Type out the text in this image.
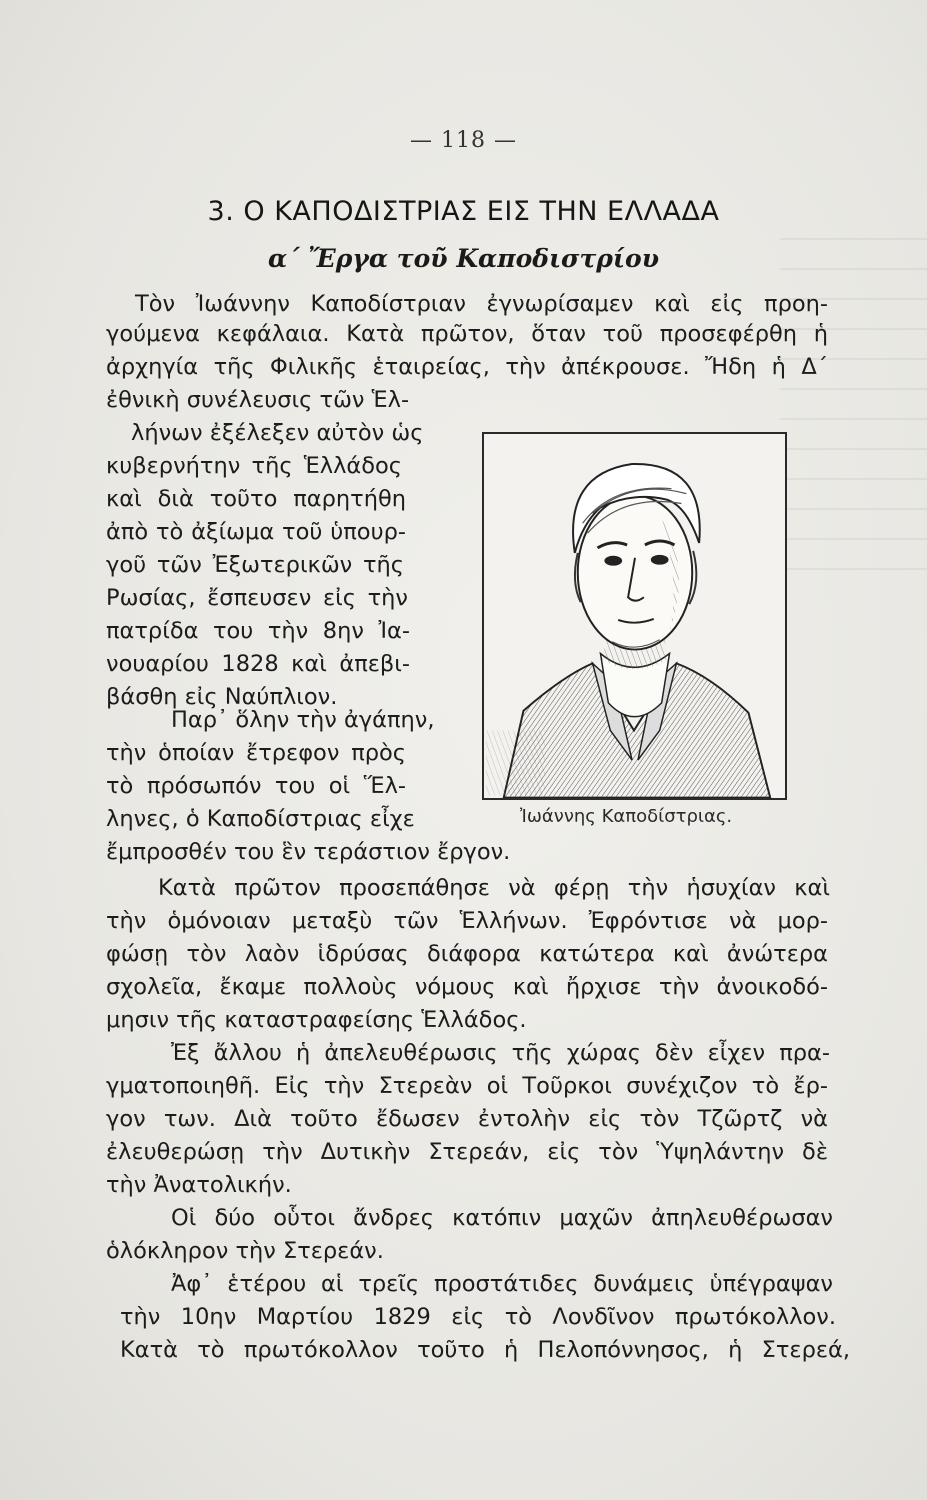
— 118 —
3. Ο ΚΑΠΟΔΙΣΤΡΙΑΣ ΕΙΣ ΤΗΝ ΕΛΛΑΔΑ
α΄ Ἔργα τοῦ Καποδιστρίου
Τὸν Ἰωάννην Καποδίστριαν ἐγνωρίσαμεν καὶ εἰς προη-
γούμενα κεφάλαια. Κατὰ πρῶτον, ὅταν τοῦ προσεφέρθη ἡ
ἀρχηγία τῆς Φιλικῆς ἑταιρείας, τὴν ἀπέκρουσε. Ἤδη ἡ Δ΄
ἐθνικὴ συνέλευσις τῶν Ἑλ-
λήνων ἐξέλεξεν αὐτὸν ὡς
κυβερνήτην τῆς Ἑλλάδος
καὶ διὰ τοῦτο παρητήθη
ἀπὸ τὸ ἀξίωμα τοῦ ὑπουρ-
γοῦ τῶν Ἐξωτερικῶν τῆς
Ρωσίας, ἔσπευσεν εἰς τὴν
πατρίδα του τὴν 8ην Ἰα-
νουαρίου 1828 καὶ ἀπεβι-
βάσθη εἰς Ναύπλιον.
Παρ᾽ ὅλην τὴν ἀγάπην,
τὴν ὁποίαν ἔτρεφον πρὸς
τὸ πρόσωπόν του οἱ Ἕλ-
ληνες, ὁ Καποδίστριας εἶχε
ἔμπροσθέν του ἓν τεράστιον ἔργον.
Κατὰ πρῶτον προσεπάθησε νὰ φέρῃ τὴν ἡσυχίαν καὶ
τὴν ὁμόνοιαν μεταξὺ τῶν Ἑλλήνων. Ἐφρόντισε νὰ μορ-
φώσῃ τὸν λαὸν ἱδρύσας διάφορα κατώτερα καὶ ἀνώτερα
σχολεῖα, ἔκαμε πολλοὺς νόμους καὶ ἤρχισε τὴν ἀνοικοδό-
μησιν τῆς καταστραφείσης Ἑλλάδος.
Ἐξ ἄλλου ἡ ἀπελευθέρωσις τῆς χώρας δὲν εἶχεν πρα-
γματοποιηθῆ. Εἰς τὴν Στερεὰν οἱ Τοῦρκοι συνέχιζον τὸ ἔρ-
γον των. Διὰ τοῦτο ἔδωσεν ἐντολὴν εἰς τὸν Τζῶρτζ νὰ
ἐλευθερώσῃ τὴν Δυτικὴν Στερεάν, εἰς τὸν Ὑψηλάντην δὲ
τὴν Ἀνατολικήν.
Οἱ δύο οὗτοι ἄνδρες κατόπιν μαχῶν ἀπηλευθέρωσαν
ὁλόκληρον τὴν Στερεάν.
Ἀφ᾽ ἑτέρου αἱ τρεῖς προστάτιδες δυνάμεις ὑπέγραψαν
τὴν 10ην Μαρτίου 1829 εἰς τὸ Λονδῖνον πρωτόκολλον.
Κατὰ τὸ πρωτόκολλον τοῦτο ἡ Πελοπόννησος, ἡ Στερεά,
Ἰωάννης Καποδίστριας.
